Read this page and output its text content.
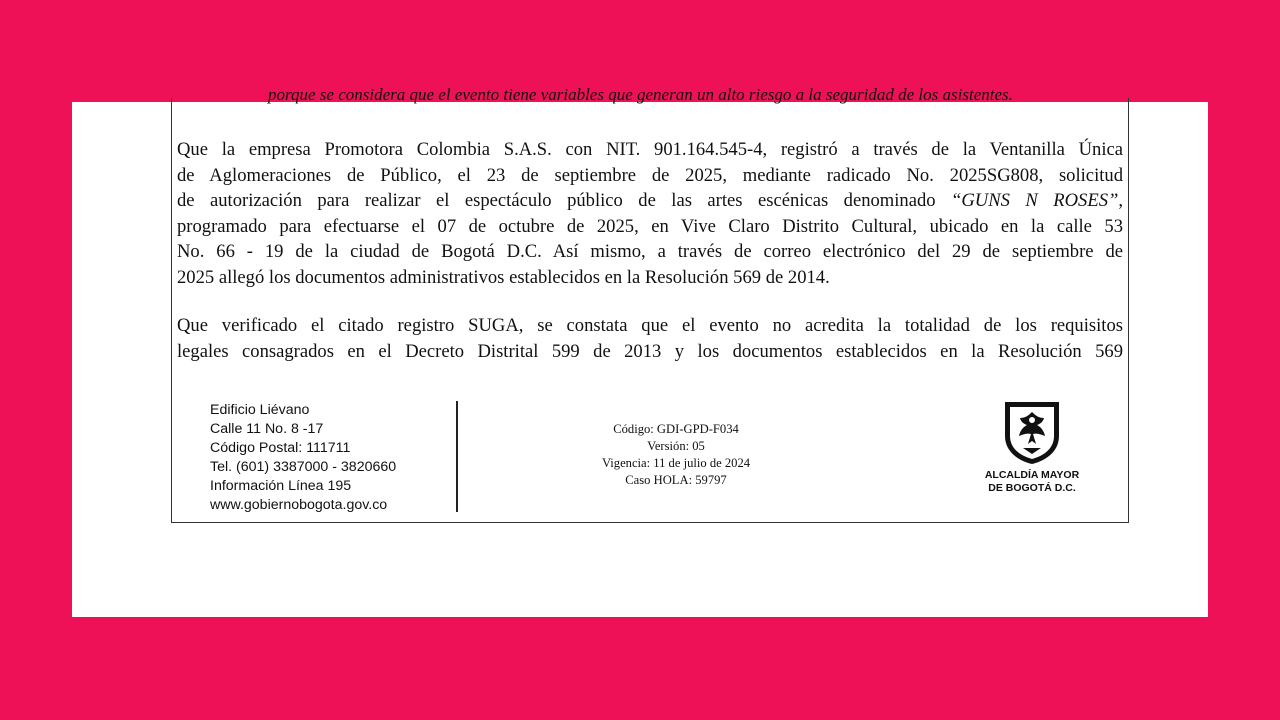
porque se considera que el evento tiene variables que generan un alto riesgo a la seguridad de los asistentes.
Que la empresa Promotora Colombia S.A.S. con NIT. 901.164.545-4, registró a través de la Ventanilla Única
de Aglomeraciones de Público, el 23 de septiembre de 2025, mediante radicado No. 2025SG808, solicitud
de autorización para realizar el espectáculo público de las artes escénicas denominado “GUNS N ROSES”,
programado para efectuarse el 07 de octubre de 2025, en Vive Claro Distrito Cultural, ubicado en la calle 53
No. 66 - 19 de la ciudad de Bogotá D.C. Así mismo, a través de correo electrónico del 29 de septiembre de
2025 allegó los documentos administrativos establecidos en la Resolución 569 de 2014.
Que verificado el citado registro SUGA, se constata que el evento no acredita la totalidad de los requisitos
legales consagrados en el Decreto Distrital 599 de 2013 y los documentos establecidos en la Resolución 569
Edificio Liévano
Calle 11 No. 8 -17
Código Postal: 111711
Tel. (601) 3387000 - 3820660
Información Línea 195
www.gobiernobogota.gov.co
Código: GDI-GPD-F034
Versión: 05
Vigencia: 11 de julio de 2024
Caso HOLA: 59797	ALCALDÍA MAYOR
DE BOGOTÁ D.C.
